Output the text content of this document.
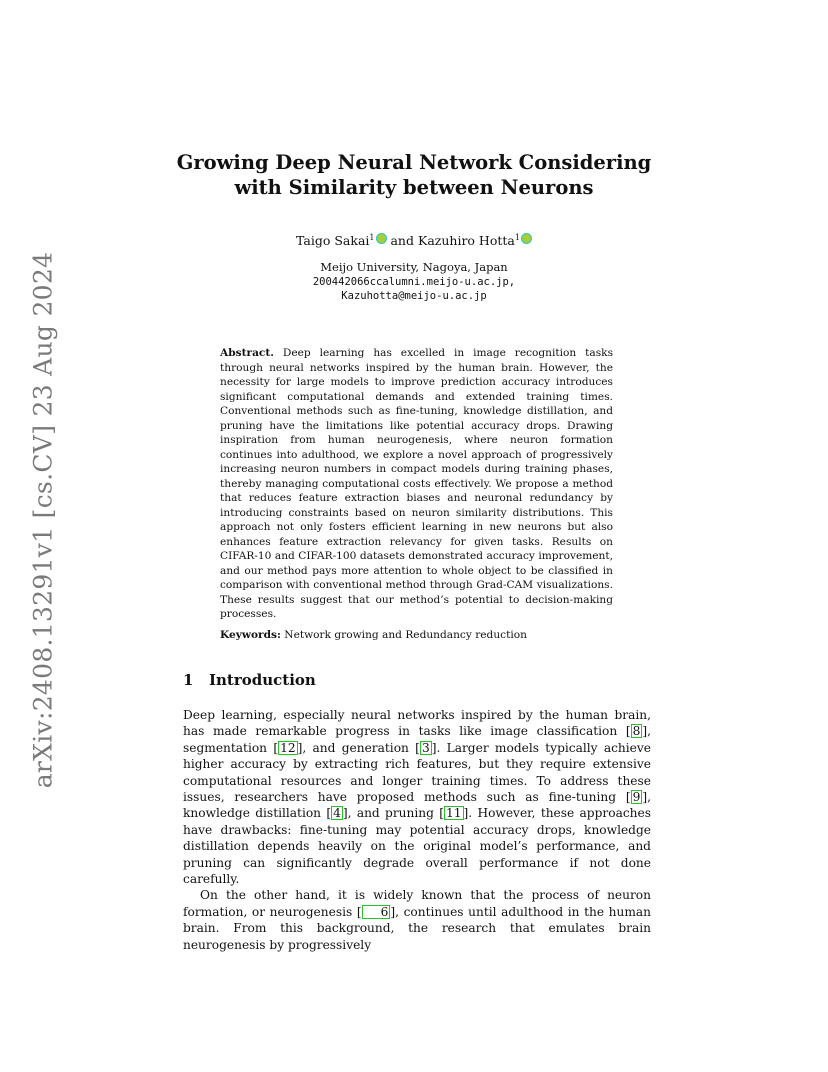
arXiv:2408.13291v1 [cs.CV] 23 Aug 2024
Growing Deep Neural Network Considering with Similarity between Neurons
Taigo Sakai$^1$ and Kazuhiro Hotta$^1$
Meijo University, Nagoya, Japan
200442066ccalumni.meijo-u.ac.jp,
Kazuhotta@meijo-u.ac.jp
Abstract. Deep learning has excelled in image recognition tasks through neural networks inspired by the human brain. However, the necessity for large models to improve prediction accuracy introduces significant computational demands and extended training times. Conventional methods such as fine-tuning, knowledge distillation, and pruning have the limitations like potential accuracy drops. Drawing inspiration from human neurogenesis, where neuron formation continues into adulthood, we explore a novel approach of progressively increasing neuron numbers in compact models during training phases, thereby managing computational costs effectively. We propose a method that reduces feature extraction biases and neuronal redundancy by introducing constraints based on neuron similarity distributions. This approach not only fosters efficient learning in new neurons but also enhances feature extraction relevancy for given tasks. Results on CIFAR-10 and CIFAR-100 datasets demonstrated accuracy improvement, and our method pays more attention to whole object to be classified in comparison with conventional method through Grad-CAM visualizations. These results suggest that our method’s potential to decision-making processes.
Keywords: Network growing and Redundancy reduction
1 Introduction

Deep learning, especially neural networks inspired by the human brain, has made remarkable progress in tasks like image classification [ 8 ], segmentation [ 12 ], and generation [ 3 ]. Larger models typically achieve higher accuracy by extracting rich features, but they require extensive computational resources and longer training times. To address these issues, researchers have proposed methods such as fine-tuning [ 9 ], knowledge distillation [ 4 ], and pruning [ 11 ]. However, these approaches have drawbacks: fine-tuning may potential accuracy drops, knowledge distillation depends heavily on the original model’s performance, and pruning can significantly degrade overall performance if not done carefully.

On the other hand, it is widely known that the process of neuron formation, or neurogenesis [ 6 ], continues until adulthood in the human brain. From this background, the research that emulates brain neurogenesis by progressively
